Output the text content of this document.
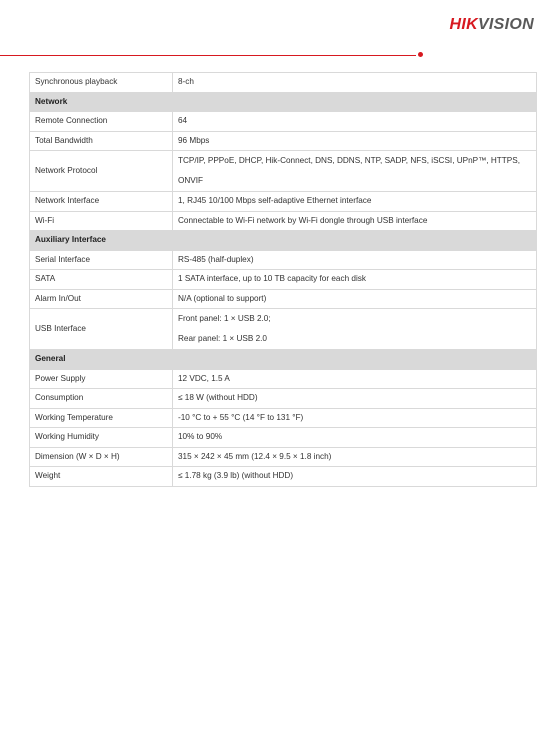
HIKVISION
Synchronous playback	8-ch
Network	
Remote Connection	64
Total Bandwidth	96 Mbps
Network Protocol	TCP/IP, PPPoE, DHCP, Hik-Connect, DNS, DDNS, NTP, SADP, NFS, iSCSI, UPnP™, HTTPS,
ONVIF

Network Interface	1, RJ45 10/100 Mbps self-adaptive Ethernet interface
Wi-Fi	Connectable to Wi-Fi network by Wi-Fi dongle through USB interface
Auxiliary Interface	
Serial Interface	RS-485 (half-duplex)
SATA	1 SATA interface, up to 10 TB capacity for each disk
Alarm In/Out	N/A (optional to support)
USB Interface	Front panel: 1 × USB 2.0;
Rear panel: 1 × USB 2.0

General	
Power Supply	12 VDC, 1.5 A
Consumption	≤ 18 W (without HDD)
Working Temperature	-10 °C to + 55 °C (14 °F to 131 °F)
Working Humidity	10% to 90%
Dimension (W × D × H)	315 × 242 × 45 mm (12.4 × 9.5 × 1.8 inch)
Weight	≤ 1.78 kg (3.9 lb) (without HDD)
